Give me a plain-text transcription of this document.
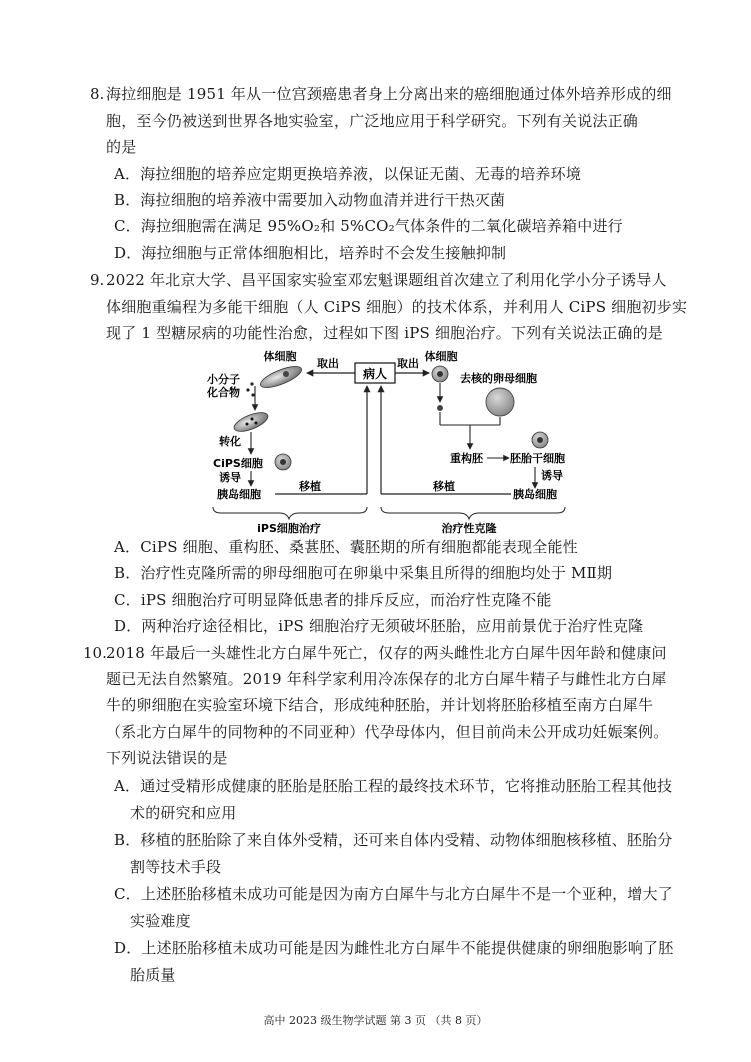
8. 海拉细胞是 1951 年从一位宫颈癌患者身上分离出来的癌细胞通过体外培养形成的细
胞，至今仍被送到世界各地实验室，广泛地应用于科学研究。下列有关说法正确
的是
A．海拉细胞的培养应定期更换培养液，以保证无菌、无毒的培养环境
B．海拉细胞的培养液中需要加入动物血清并进行干热灭菌
C．海拉细胞需在满足 95%O₂和 5%CO₂气体条件的二氧化碳培养箱中进行
D．海拉细胞与正常体细胞相比，培养时不会发生接触抑制
9. 2022 年北京大学、昌平国家实验室邓宏魁课题组首次建立了利用化学小分子诱导人
体细胞重编程为多能干细胞（人 CiPS 细胞）的技术体系，并利用人 CiPS 细胞初步实
现了 1 型糖尿病的功能性治愈，过程如下图 iPS 细胞治疗。下列有关说法正确的是
病人
取出	取出
体细胞
小分子
化合物
转化
CiPS细胞
诱导
胰岛细胞
移植
体细胞
去核的卵母细胞
重构胚 胚胎干细胞
诱导
胰岛细胞
移植
iPS细胞治疗	治疗性克隆
A．CiPS 细胞、重构胚、桑葚胚、囊胚期的所有细胞都能表现全能性
B．治疗性克隆所需的卵母细胞可在卵巢中采集且所得的细胞均处于 MⅡ期
C．iPS 细胞治疗可明显降低患者的排斥反应，而治疗性克隆不能
D．两种治疗途径相比，iPS 细胞治疗无须破坏胚胎，应用前景优于治疗性克隆
10. 2018 年最后一头雄性北方白犀牛死亡，仅存的两头雌性北方白犀牛因年龄和健康问
题已无法自然繁殖。2019 年科学家利用冷冻保存的北方白犀牛精子与雌性北方白犀
牛的卵细胞在实验室环境下结合，形成纯种胚胎，并计划将胚胎移植至南方白犀牛
（系北方白犀牛的同物种的不同亚种）代孕母体内，但目前尚未公开成功妊娠案例。
下列说法错误的是
A．通过受精形成健康的胚胎是胚胎工程的最终技术环节，它将推动胚胎工程其他技
术的研究和应用
B．移植的胚胎除了来自体外受精，还可来自体内受精、动物体细胞核移植、胚胎分
割等技术手段
C．上述胚胎移植未成功可能是因为南方白犀牛与北方白犀牛不是一个亚种，增大了
实验难度
D．上述胚胎移植未成功可能是因为雌性北方白犀牛不能提供健康的卵细胞影响了胚
胎质量
高中 2023 级生物学试题 第 3 页 （共 8 页）
